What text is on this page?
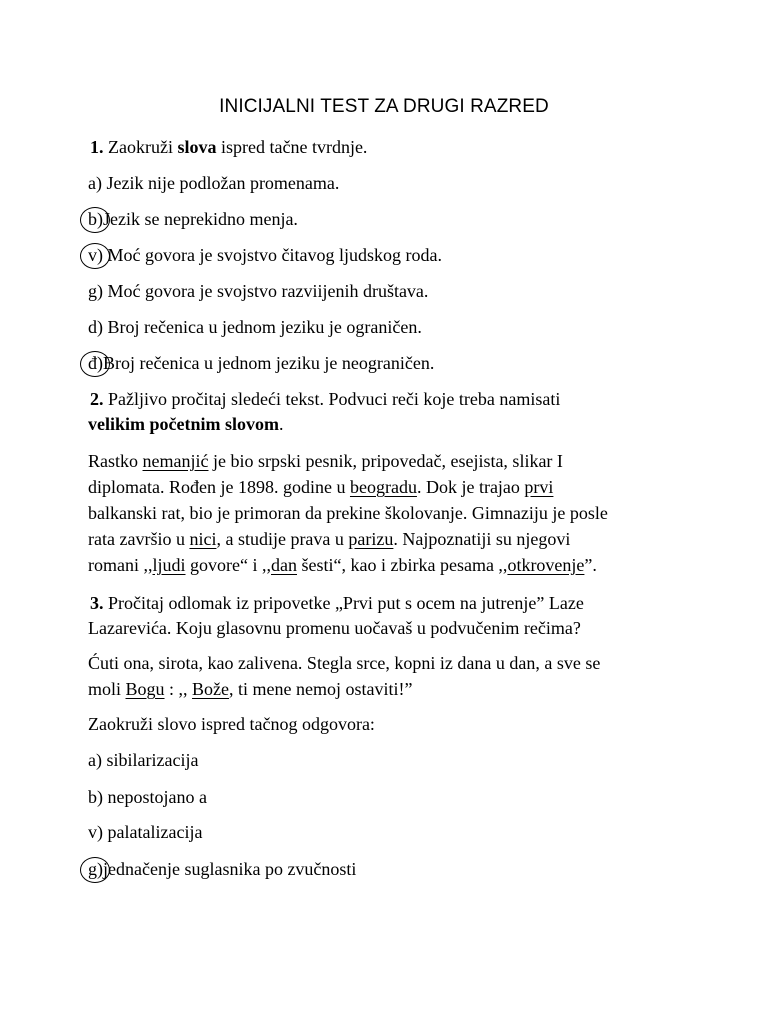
INICIJALNI TEST ZA DRUGI RAZRED
1. Zaokruži slova ispred tačne tvrdnje.
a) Jezik nije podložan promenama.
b)Jezik se neprekidno menja.
v) Moć govora je svojstvo čitavog ljudskog roda.
g) Moć govora je svojstvo razviijenih društava.
d) Broj rečenica u jednom jeziku je ograničen.
đ)Broj rečenica u jednom jeziku je neograničen.
2. Pažljivo pročitaj sledeći tekst. Podvuci reči koje treba namisati
velikim početnim slovom.
Rastko nemanjić je bio srpski pesnik, pripovedač, esejista, slikar I
diplomata. Rođen je 1898. godine u beogradu. Dok je trajao prvi
balkanski rat, bio je primoran da prekine školovanje. Gimnaziju je posle
rata završio u nici, a studije prava u parizu. Najpoznatiji su njegovi
romani ,,ljudi govore“ i ,,dan šesti“, kao i zbirka pesama ,,otkrovenje”.
3. Pročitaj odlomak iz pripovetke „Prvi put s ocem na jutrenje” Laze
Lazarevića. Koju glasovnu promenu uočavaš u podvučenim rečima?
Ćuti ona, sirota, kao zalivena. Stegla srce, kopni iz dana u dan, a sve se
moli Bogu : ,, Bože, ti mene nemoj ostaviti!”
Zaokruži slovo ispred tačnog odgovora:
a) sibilarizacija
b) nepostojano a
v) palatalizacija
g)jednačenje suglasnika po zvučnosti
